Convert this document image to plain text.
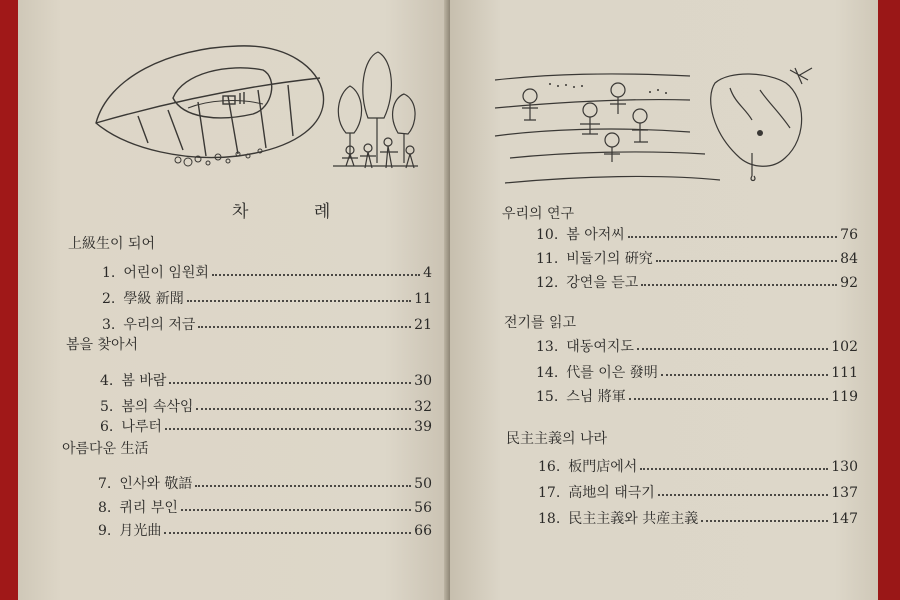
차 례
上級生이 되어
1. 어린이 임원회	4
2. 學級 新聞	11
3. 우리의 저금	21
봄을 찾아서
4. 봄 바람	30
5. 봄의 속삭임	32
6. 나루터	39
아름다운 生活
7. 인사와 敬語	50
8. 퀴리 부인	56
9. 月光曲	66
우리의 연구
10. 봄 아저씨	76
11. 비둘기의 硏究	84
12. 강연을 듣고	92
전기를 읽고
13. 대동여지도	102
14. 代를 이은 發明	111
15. 스님 將軍	119
民主主義의 나라
16. 板門店에서	130
17. 高地의 태극기	137
18. 民主主義와 共産主義	147
